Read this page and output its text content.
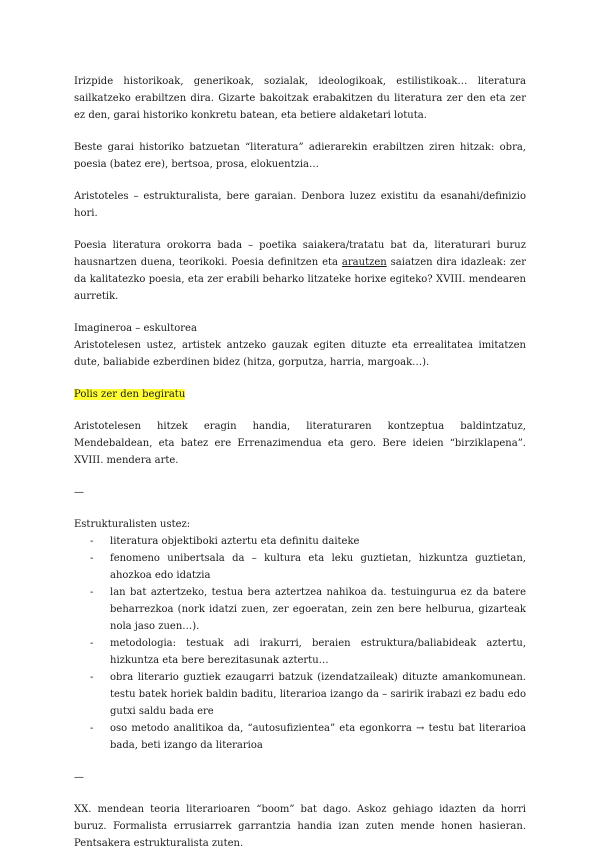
Irizpide historikoak, generikoak, sozialak, ideologikoak, estilistikoak… literatura sailkatzeko erabiltzen dira. Gizarte bakoitzak erabakitzen du literatura zer den eta zer ez den, garai historiko konkretu batean, eta betiere aldaketari lotuta.

Beste garai historiko batzuetan “literatura” adierarekin erabiltzen ziren hitzak: obra, poesia (batez ere), bertsoa, prosa, elokuentzia…

Aristoteles – estrukturalista, bere garaian. Denbora luzez existitu da esanahi/definizio hori.

Poesia literatura orokorra bada – poetika saiakera/tratatu bat da, literaturari buruz hausnartzen duena, teorikoki. Poesia definitzen eta arautzen saiatzen dira idazleak: zer da kalitatezko poesia, eta zer erabili beharko litzateke horixe egiteko? XVIII. mendearen aurretik.

Imagineroa – eskultorea

Aristotelesen ustez, artistek antzeko gauzak egiten dituzte eta errealitatea imitatzen dute, baliabide ezberdinen bidez (hitza, gorputza, harria, margoak…).

Polis zer den begiratu

Aristotelesen hitzek eragin handia, literaturaren kontzeptua baldintzatuz, Mendebaldean, eta batez ere Errenazimendua eta gero. Bere ideien “birziklapena”. XVIII. mendera arte.

—

Estrukturalisten ustez:

- literatura objektiboki aztertu eta definitu daiteke
- fenomeno unibertsala da – kultura eta leku guztietan, hizkuntza guztietan, ahozkoa edo idatzia
- lan bat aztertzeko, testua bera aztertzea nahikoa da. testuingurua ez da batere beharrezkoa (nork idatzi zuen, zer egoeratan, zein zen bere helburua, gizarteak nola jaso zuen…).
- metodologia: testuak adi irakurri, beraien estruktura/baliabideak aztertu, hizkuntza eta bere berezitasunak aztertu…
- obra literario guztiek ezaugarri batzuk (izendatzaileak) dituzte amankomunean. testu batek horiek baldin baditu, literarioa izango da – saririk irabazi ez badu edo gutxi saldu bada ere
- oso metodo analitikoa da, “autosufizientea” eta egonkorra → testu bat literarioa bada, beti izango da literarioa

—

XX. mendean teoria literarioaren “boom” bat dago. Askoz gehiago idazten da horri buruz. Formalista errusiarrek garrantzia handia izan zuten mende honen hasieran. Pentsakera estrukturalista zuten.
